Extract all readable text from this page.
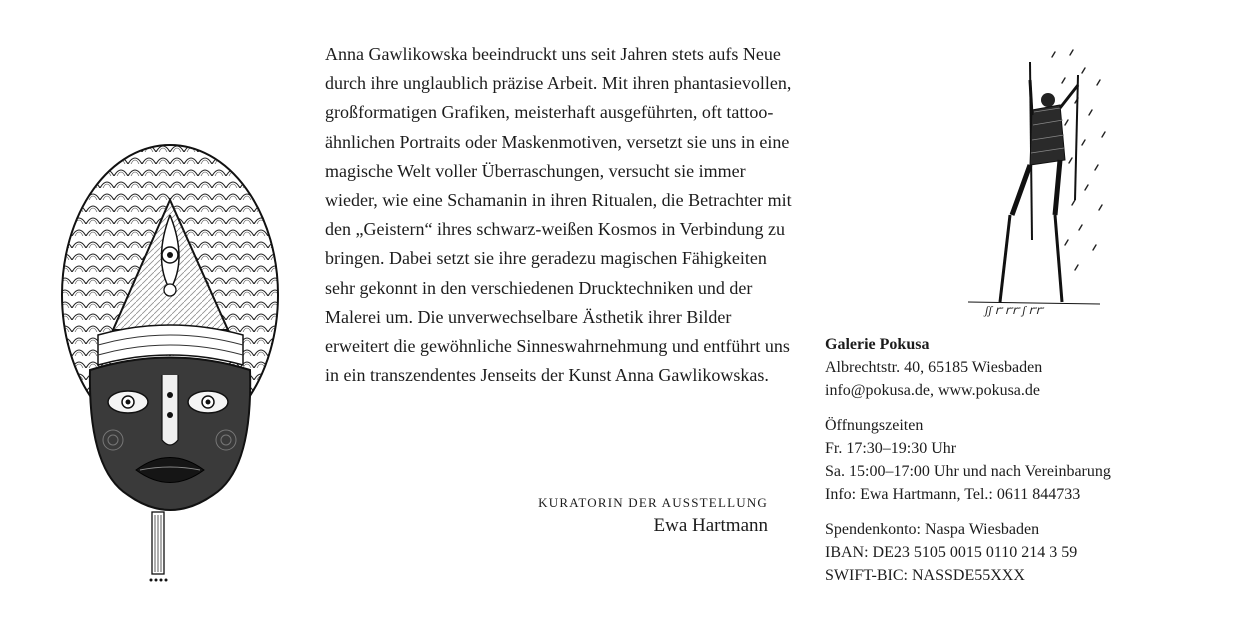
Anna Gawlikowska beeindruckt uns seit Jahren stets aufs Neue durch ihre unglaublich präzise Arbeit. Mit ihren phantasievollen, großformatigen Grafiken, meisterhaft ausgeführten, oft tattoo-ähnlichen Portraits oder Maskenmotiven, versetzt sie uns in eine magische Welt voller Überraschungen, versucht sie immer wieder, wie eine Schamanin in ihren Ritualen, die Betrachter mit den „Geistern“ ihres schwarz-weißen Kosmos in Verbindung zu bringen. Dabei setzt sie ihre geradezu magischen Fähigkeiten sehr gekonnt in den verschiedenen Drucktechniken und der Malerei um. Die unverwechselbare Ästhetik ihrer Bilder erweitert die gewöhnliche Sinneswahrnehmung und entführt uns in ein transzendentes Jenseits der Kunst Anna Gawlikowskas.

KURATORIN DER AUSSTELLUNG
Ewa Hartmann
ʃʃ ꭈ ꭈꭈ ʃ ꭈꭈ
Galerie Pokusa
Albrechtstr. 40, 65185 Wiesbaden
info@pokusa.de, www.pokusa.de
Öffnungszeiten
Fr. 17:30–19:30 Uhr
Sa. 15:00–17:00 Uhr und nach Vereinbarung
Info: Ewa Hartmann, Tel.: 0611 844733
Spendenkonto: Naspa Wiesbaden
IBAN: DE23 5105 0015 0110 214 3 59
SWIFT-BIC: NASSDE55XXX
